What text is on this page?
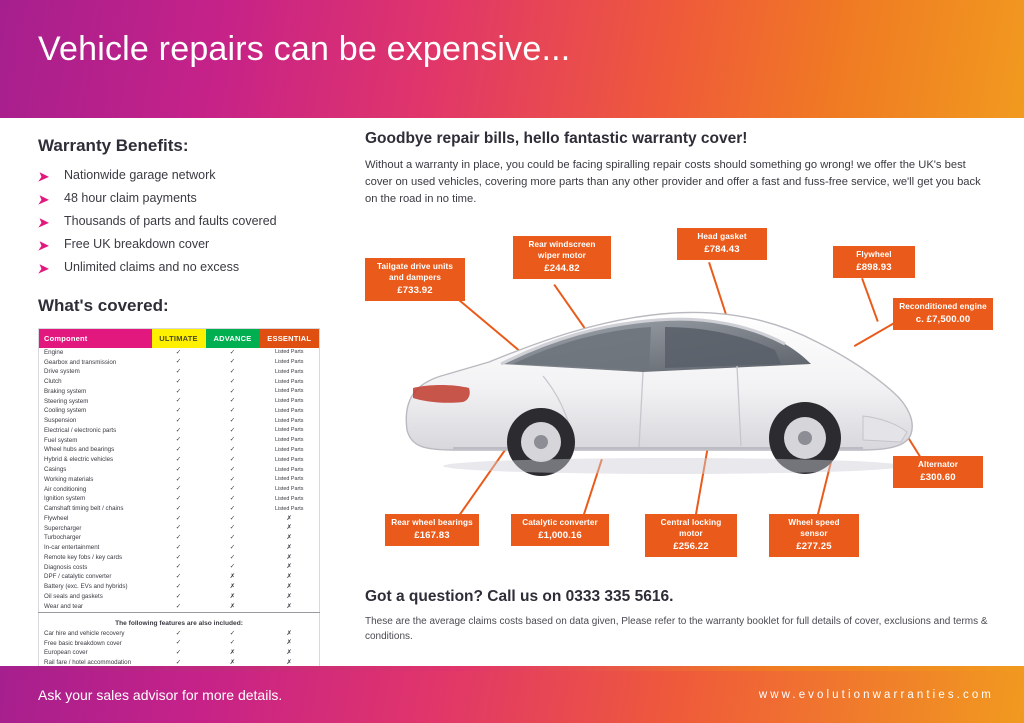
Vehicle repairs can be expensive...
Warranty Benefits:
➤ Nationwide garage network
➤ 48 hour claim payments
➤ Thousands of parts and faults covered
➤ Free UK breakdown cover
➤ Unlimited claims and no excess
What's covered:
Component	ULTIMATE	ADVANCE	ESSENTIAL
Engine	✓	✓	Listed Parts
Gearbox and transmission	✓	✓	Listed Parts
Drive system	✓	✓	Listed Parts
Clutch	✓	✓	Listed Parts
Braking system	✓	✓	Listed Parts
Steering system	✓	✓	Listed Parts
Cooling system	✓	✓	Listed Parts
Suspension	✓	✓	Listed Parts
Electrical / electronic parts	✓	✓	Listed Parts
Fuel system	✓	✓	Listed Parts
Wheel hubs and bearings	✓	✓	Listed Parts
Hybrid & electric vehicles	✓	✓	Listed Parts
Casings	✓	✓	Listed Parts
Working materials	✓	✓	Listed Parts
Air conditioning	✓	✓	Listed Parts
Ignition system	✓	✓	Listed Parts
Camshaft timing belt / chains	✓	✓	Listed Parts
Flywheel	✓	✓	✗
Supercharger	✓	✓	✗
Turbocharger	✓	✓	✗
In-car entertainment	✓	✓	✗
Remote key fobs / key cards	✓	✓	✗
Diagnosis costs	✓	✓	✗
DPF / catalytic converter	✓	✗	✗
Battery (exc. EVs and hybrids)	✓	✗	✗
Oil seals and gaskets	✓	✗	✗
Wear and tear	✓	✗	✗
The following features are also included:			
Car hire and vehicle recovery	✓	✓	✗
Free basic breakdown cover	✓	✓	✗
European cover	✓	✗	✗
Rail fare / hotel accommodation	✓	✗	✗
Goodbye repair bills, hello fantastic warranty cover!
Without a warranty in place, you could be facing spiralling repair costs should something go wrong! we offer the UK's best cover on used vehicles, covering more parts than any other provider and offer a fast and fuss-free service, we'll get you back on the road in no time.
Tailgate drive units and dampers
£733.92
Rear windscreen wiper motor
£244.82
Head gasket
£784.43	Flywheel
£898.93
Reconditioned engine
c. £7,500.00
Alternator
£300.60
Wheel speed sensor
£277.25
Central locking motor
£256.22
Catalytic converter
£1,000.16
Rear wheel bearings
£167.83
Got a question? Call us on 0333 335 5616.
These are the average claims costs based on data given, Please refer to the warranty booklet for full details of cover, exclusions and terms & conditions.
Ask your sales advisor for more details.	www.evolutionwarranties.com
